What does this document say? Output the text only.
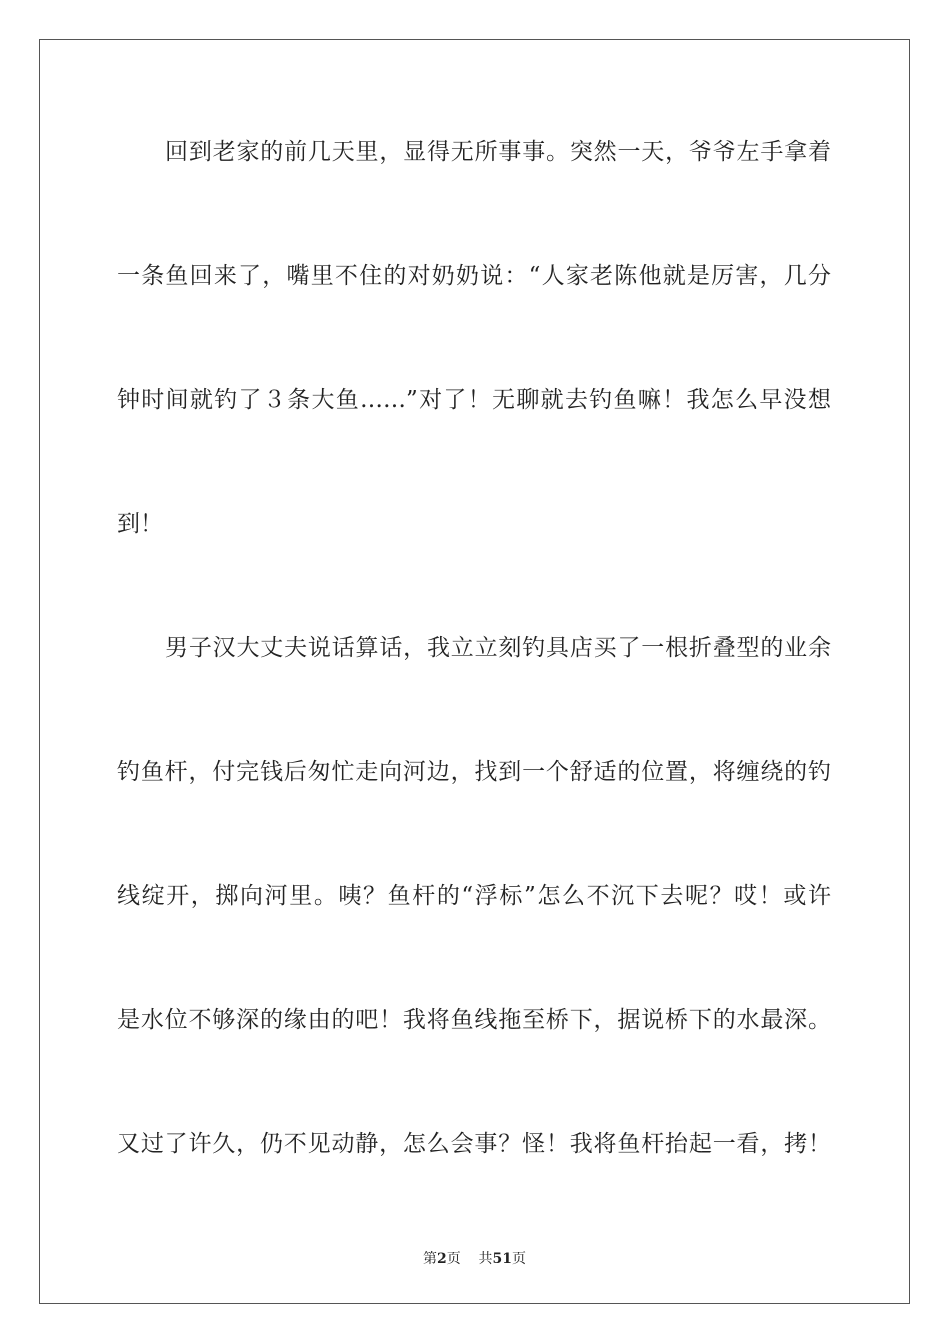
回到老家的前几天里，显得无所事事。突然一天，爷爷左手拿着
一条鱼回来了，嘴里不住的对奶奶说：“人家老陈他就是厉害，几分
钟时间就钓了３条大鱼……”对了！无聊就去钓鱼嘛！我怎么早没想
到！
男子汉大丈夫说话算话，我立立刻钓具店买了一根折叠型的业余
钓鱼杆，付完钱后匆忙走向河边，找到一个舒适的位置，将缠绕的钓
线绽开，掷向河里。咦？鱼杆的“浮标”怎么不沉下去呢？哎！或许
是水位不够深的缘由的吧！我将鱼线拖至桥下，据说桥下的水最深。
又过了许久，仍不见动静，怎么会事？怪！我将鱼杆抬起一看，拷！
第2页 共51页
